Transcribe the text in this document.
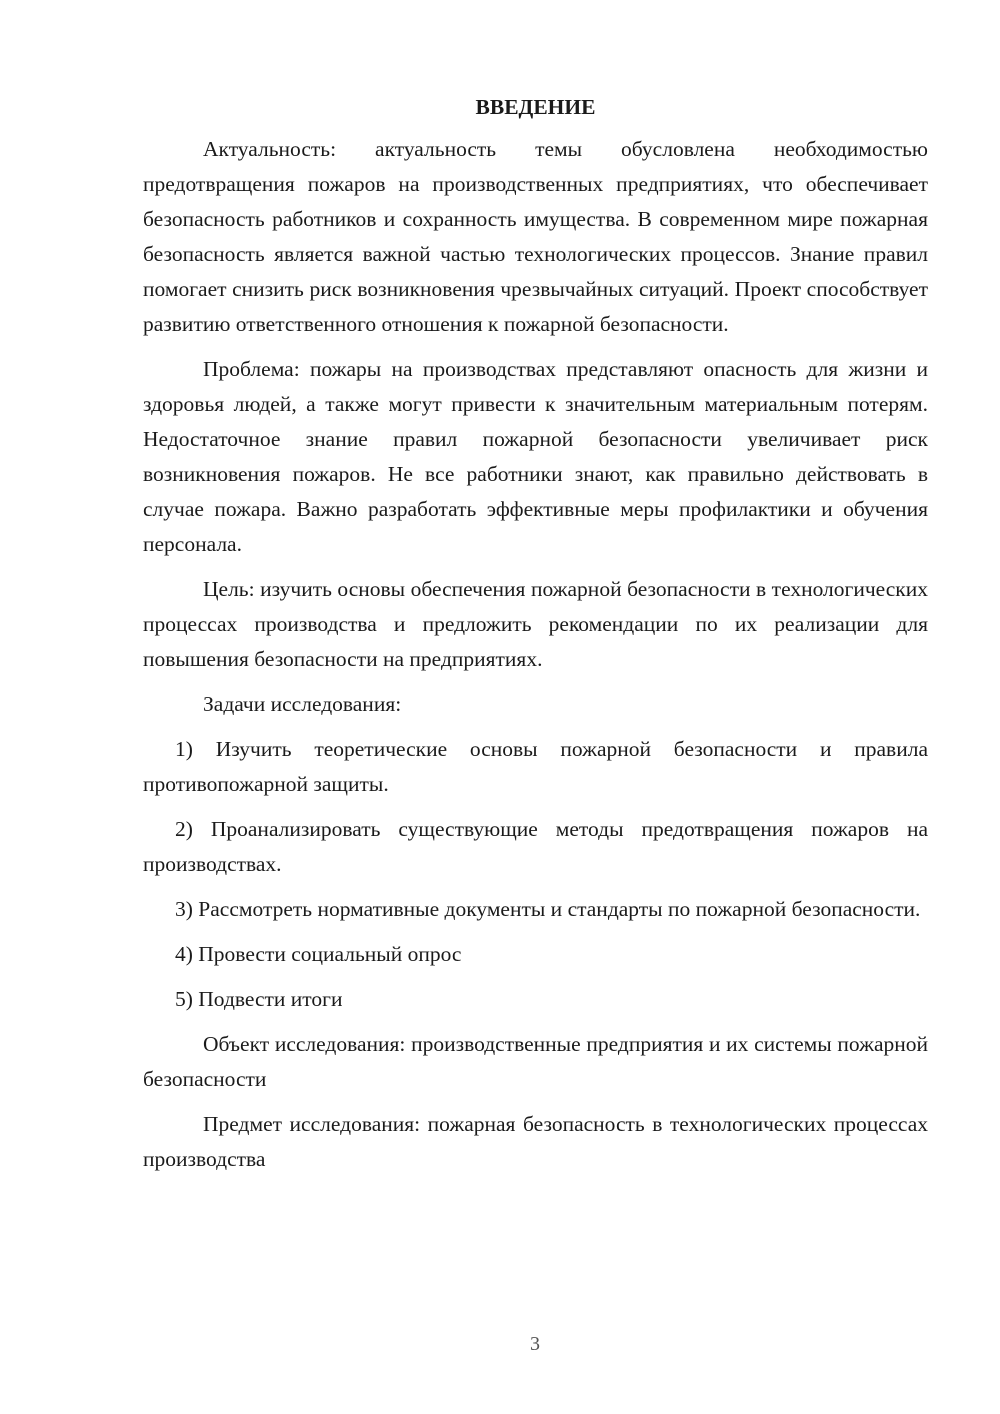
ВВЕДЕНИЕ

Актуальность: актуальность темы обусловлена необходимостью предотвращения пожаров на производственных предприятиях, что обеспечивает безопасность работников и сохранность имущества. В современном мире пожарная безопасность является важной частью технологических процессов. Знание правил помогает снизить риск возникновения чрезвычайных ситуаций. Проект способствует развитию ответственного отношения к пожарной безопасности.

Проблема: пожары на производствах представляют опасность для жизни и здоровья людей, а также могут привести к значительным материальным потерям. Недостаточное знание правил пожарной безопасности увеличивает риск возникновения пожаров. Не все работники знают, как правильно действовать в случае пожара. Важно разработать эффективные меры профилактики и обучения персонала.

Цель: изучить основы обеспечения пожарной безопасности в технологических процессах производства и предложить рекомендации по их реализации для повышения безопасности на предприятиях.

Задачи исследования:

1) Изучить теоретические основы пожарной безопасности и правила противопожарной защиты.

2) Проанализировать существующие методы предотвращения пожаров на производствах.

3) Рассмотреть нормативные документы и стандарты по пожарной безопасности.

4) Провести социальный опрос

5) Подвести итоги

Объект исследования: производственные предприятия и их системы пожарной безопасности

Предмет исследования: пожарная безопасность в технологических процессах производства

3
